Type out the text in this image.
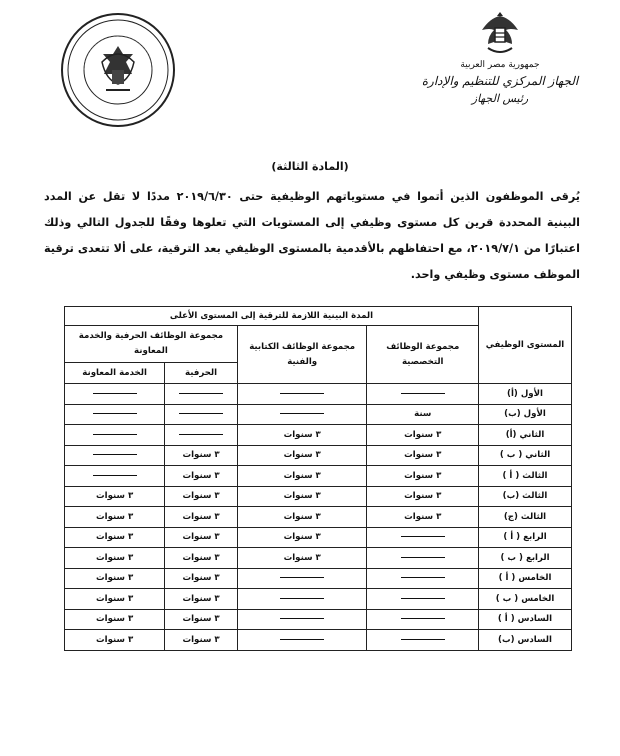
جمهورية مصر العربية
الجهاز المركزي للتنظيم والإدارة
رئيس الجهاز
(المادة الثالثة)
يُرقى الموظفون الذين أتموا في مستوياتهم الوظيفية حتى ٢٠١٩/٦/٣٠ مددًا لا تقل عن المدد البينية المحددة قرين كل مستوى وظيفي إلى المستويات التي تعلوها وفقًا للجدول التالي وذلك اعتبارًا من ٢٠١٩/٧/١، مع احتفاظهم بالأقدمية بالمستوى الوظيفي بعد الترقية، على ألا تتعدى ترقية الموظف مستوى وظيفي واحد.
المستوى الوظيفي	المدة البينية اللازمة للترقية إلى المستوى الأعلى			
	مجموعة الوظائف التخصصية	مجموعة الوظائف الكتابية والفنية	مجموعة الوظائف الحرفية والخدمة المعاونة	
			الحرفية	الخدمة المعاونة
الأول (أ)				
الأول (ب)	سنة			
الثاني (أ)	٣ سنوات	٣ سنوات		
الثاني ( ب )	٣ سنوات	٣ سنوات	٣ سنوات	
الثالث ( أ )	٣ سنوات	٣ سنوات	٣ سنوات	
الثالث (ب)	٣ سنوات	٣ سنوات	٣ سنوات	٣ سنوات
الثالث (ج)	٣ سنوات	٣ سنوات	٣ سنوات	٣ سنوات
الرابع ( أ )		٣ سنوات	٣ سنوات	٣ سنوات
الرابع ( ب )		٣ سنوات	٣ سنوات	٣ سنوات
الخامس ( أ )			٣ سنوات	٣ سنوات
الخامس ( ب )			٣ سنوات	٣ سنوات
السادس ( أ )			٣ سنوات	٣ سنوات
السادس (ب)			٣ سنوات	٣ سنوات
